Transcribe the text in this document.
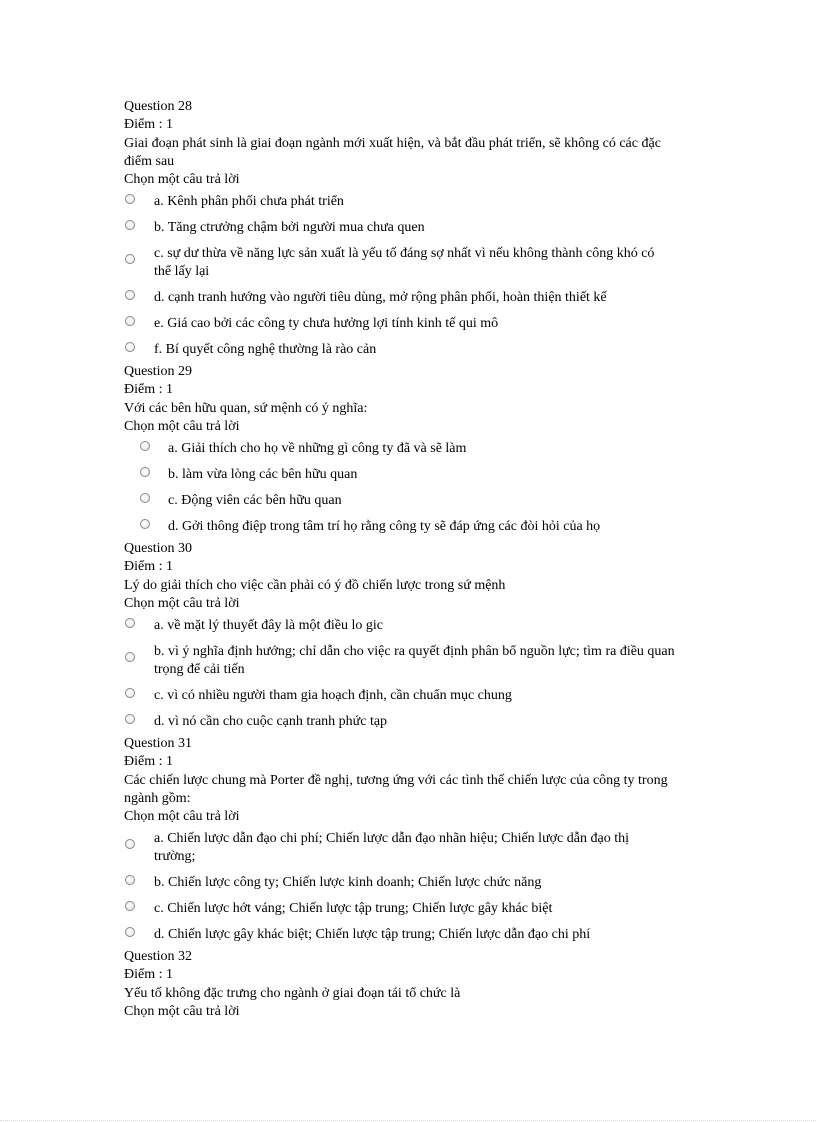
Question 28
Điểm : 1
Giai đoạn phát sinh là giai đoạn ngành mới xuất hiện, và bắt đầu phát triển, sẽ không có các đặc điểm sau
Chọn một câu trả lời
a. Kênh phân phối chưa phát triển
b. Tăng ctrưởng chậm bởi người mua chưa quen
c. sự dư thừa về năng lực sản xuất là yếu tố đáng sợ nhất vì nếu không thành công khó có thể lấy lại
d. cạnh tranh hướng vào người tiêu dùng, mở rộng phân phối, hoàn thiện thiết kế
e. Giá cao bởi các công ty chưa hưởng lợi tính kinh tế qui mô
f. Bí quyết công nghệ thường là rào cản
Question 29
Điểm : 1
Với các bên hữu quan, sứ mệnh có ý nghĩa:
Chọn một câu trả lời
a. Giải thích cho họ về những gì công ty đã và sẽ làm
b. làm vừa lòng các bên hữu quan
c. Động viên các bên hữu quan
d. Gởi thông điệp trong tâm trí họ rằng công ty sẽ đáp ứng các đòi hỏi của họ
Question 30
Điểm : 1
Lý do giải thích cho việc cần phải có ý đồ chiến lược trong sứ mệnh
Chọn một câu trả lời
a. về mặt lý thuyết đây là một điều lo gic
b. vì ý nghĩa định hướng; chỉ dẫn cho việc ra quyết định phân bổ nguồn lực; tìm ra điều quan trọng để cải tiến
c. vì có nhiều người tham gia hoạch định, cần chuẩn mục chung
d. vì nó cần cho cuộc cạnh tranh phức tạp
Question 31
Điểm : 1
Các chiến lược chung mà Porter đề nghị, tương ứng với các tình thế chiến lược của công ty trong ngành gồm:
Chọn một câu trả lời
a. Chiến lược dẫn đạo chi phí; Chiến lược dẫn đạo nhãn hiệu; Chiến lược dẫn đạo thị trường;
b. Chiến lược công ty; Chiến lược kinh doanh; Chiến lược chức năng
c. Chiến lược hớt váng; Chiến lược tập trung; Chiến lược gây khác biệt
d. Chiến lược gây khác biệt; Chiến lược tập trung; Chiến lược dẫn đạo chi phí
Question 32
Điểm : 1
Yếu tố không đặc trưng cho ngành ở giai đoạn tái tổ chức là
Chọn một câu trả lời
